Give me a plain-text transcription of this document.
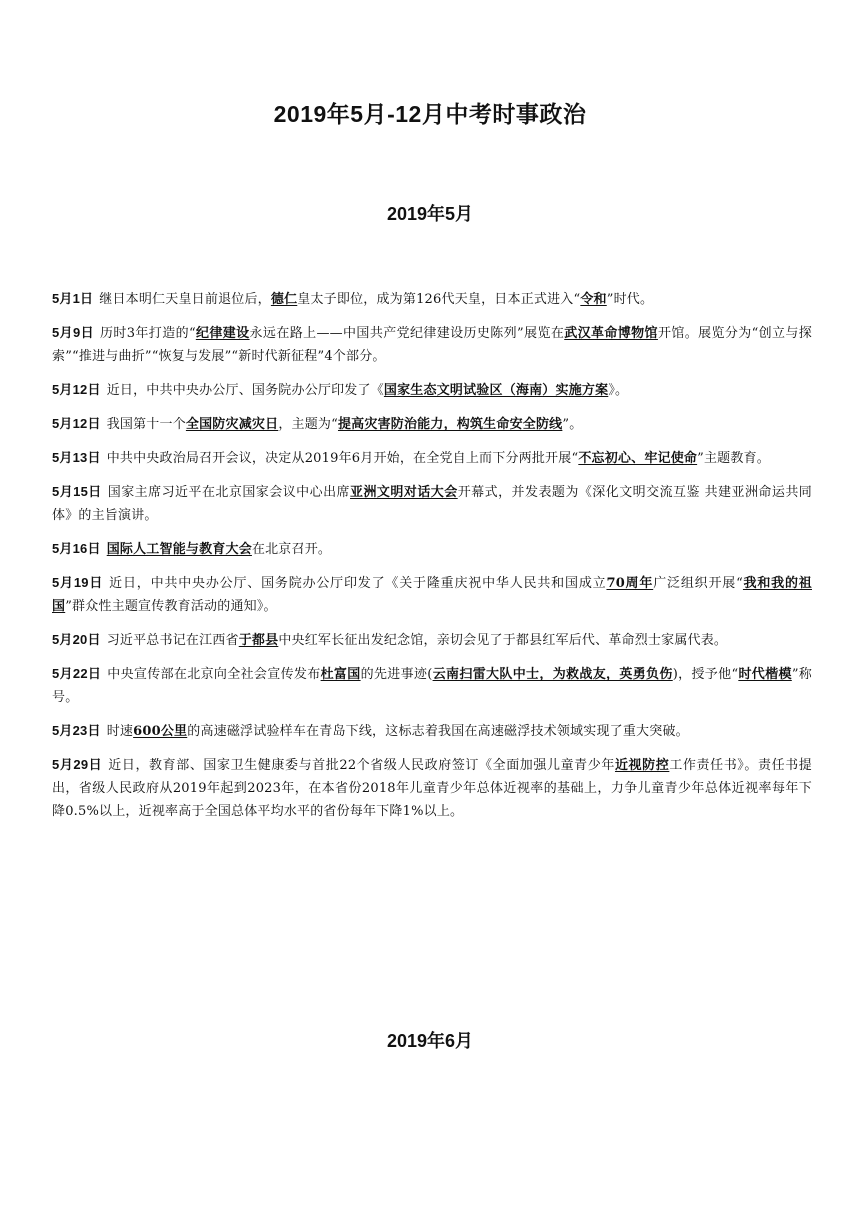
2019年5月-12月中考时事政治
2019年5月

5月1日 继日本明仁天皇日前退位后，德仁皇太子即位，成为第126代天皇，日本正式进入“令和”时代。

5月9日 历时3年打造的“纪律建设永远在路上——中国共产党纪律建设历史陈列”展览在武汉革命博物馆开馆。展览分为“创立与探索”“推进与曲折”“恢复与发展”“新时代新征程”4个部分。

5月12日 近日，中共中央办公厅、国务院办公厅印发了《国家生态文明试验区（海南）实施方案》。

5月12日 我国第十一个全国防灾减灾日，主题为“提高灾害防治能力，构筑生命安全防线”。

5月13日 中共中央政治局召开会议，决定从2019年6月开始，在全党自上而下分两批开展“不忘初心、牢记使命”主题教育。

5月15日 国家主席习近平在北京国家会议中心出席亚洲文明对话大会开幕式，并发表题为《深化文明交流互鉴 共建亚洲命运共同体》的主旨演讲。

5月16日 国际人工智能与教育大会在北京召开。

5月19日 近日，中共中央办公厅、国务院办公厅印发了《关于隆重庆祝中华人民共和国成立70周年广泛组织开展“我和我的祖国”群众性主题宣传教育活动的通知》。

5月20日 习近平总书记在江西省于都县中央红军长征出发纪念馆，亲切会见了于都县红军后代、革命烈士家属代表。

5月22日 中央宣传部在北京向全社会宣传发布杜富国的先进事迹(云南扫雷大队中士，为救战友，英勇负伤)，授予他“时代楷模”称号。

5月23日 时速600公里的高速磁浮试验样车在青岛下线，这标志着我国在高速磁浮技术领域实现了重大突破。

5月29日 近日，教育部、国家卫生健康委与首批22个省级人民政府签订《全面加强儿童青少年近视防控工作责任书》。责任书提出，省级人民政府从2019年起到2023年，在本省份2018年儿童青少年总体近视率的基础上，力争儿童青少年总体近视率每年下降0.5%以上，近视率高于全国总体平均水平的省份每年下降1%以上。

2019年6月
